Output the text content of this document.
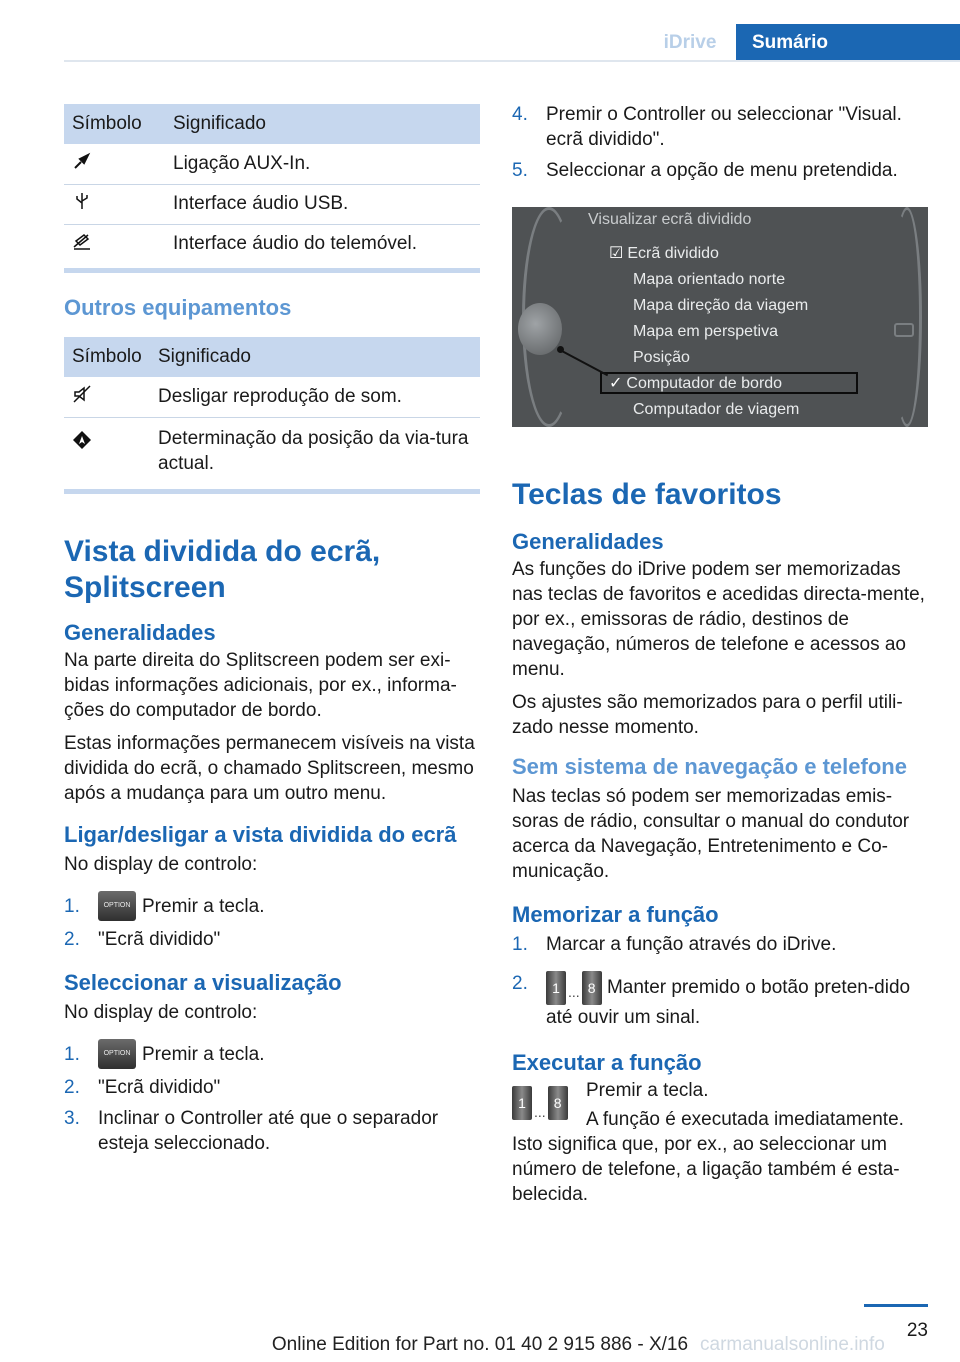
iDrive	Sumário
Símbolo	Significado
	Ligação AUX-In.
	Interface áudio USB.
	Interface áudio do telemóvel.
Outros equipamentos
Símbolo	Significado
	Desligar reprodução de som.
	Determinação da posição da via-tura actual.
Vista dividida do ecrã, Splitscreen
Generalidades

Na parte direita do Splitscreen podem ser exi-bidas informações adicionais, por ex., informa-ções do computador de bordo.

Estas informações permanecem visíveis na vista dividida do ecrã, o chamado Splitscreen, mesmo após a mudança para um outro menu.

Ligar/desligar a vista dividida do ecrã

No display de controlo:

1.	OPTION Premir a tecla.
2. "Ecrã dividido"
Seleccionar a visualização

No display de controlo:

1.	OPTION Premir a tecla.
2. "Ecrã dividido"
3. Inclinar o Controller até que o separador esteja seleccionado.
4. Premir o Controller ou seleccionar "Visual. ecrã dividido".
5. Seleccionar a opção de menu pretendida.
Visualizar ecrã dividido
☑ Ecrã dividido
Mapa orientado norte
Mapa direção da viagem
Mapa em perspetiva
Posição
✓ Computador de bordo
Computador de viagem
Teclas de favoritos
Generalidades

As funções do iDrive podem ser memorizadas nas teclas de favoritos e acedidas directa-mente, por ex., emissoras de rádio, destinos de navegação, números de telefone e acessos ao menu.

Os ajustes são memorizados para o perfil utili-zado nesse momento.

Sem sistema de navegação e telefone

Nas teclas só podem ser memorizadas emis-soras de rádio, consultar o manual do condutor acerca da Navegação, Entretenimento e Co-municação.

Memorizar a função
1. Marcar a função através do iDrive.
2.	1 ... 8 Manter premido o botão preten-dido até ouvir um sinal.
Executar a função
1...8

Premir a tecla.

A função é executada imediatamente.

Isto significa que, por ex., ao seleccionar um número de telefone, a ligação também é esta-belecida.

23
Online Edition for Part no. 01 40 2 915 886 - X/16 carmanualsonline.info
